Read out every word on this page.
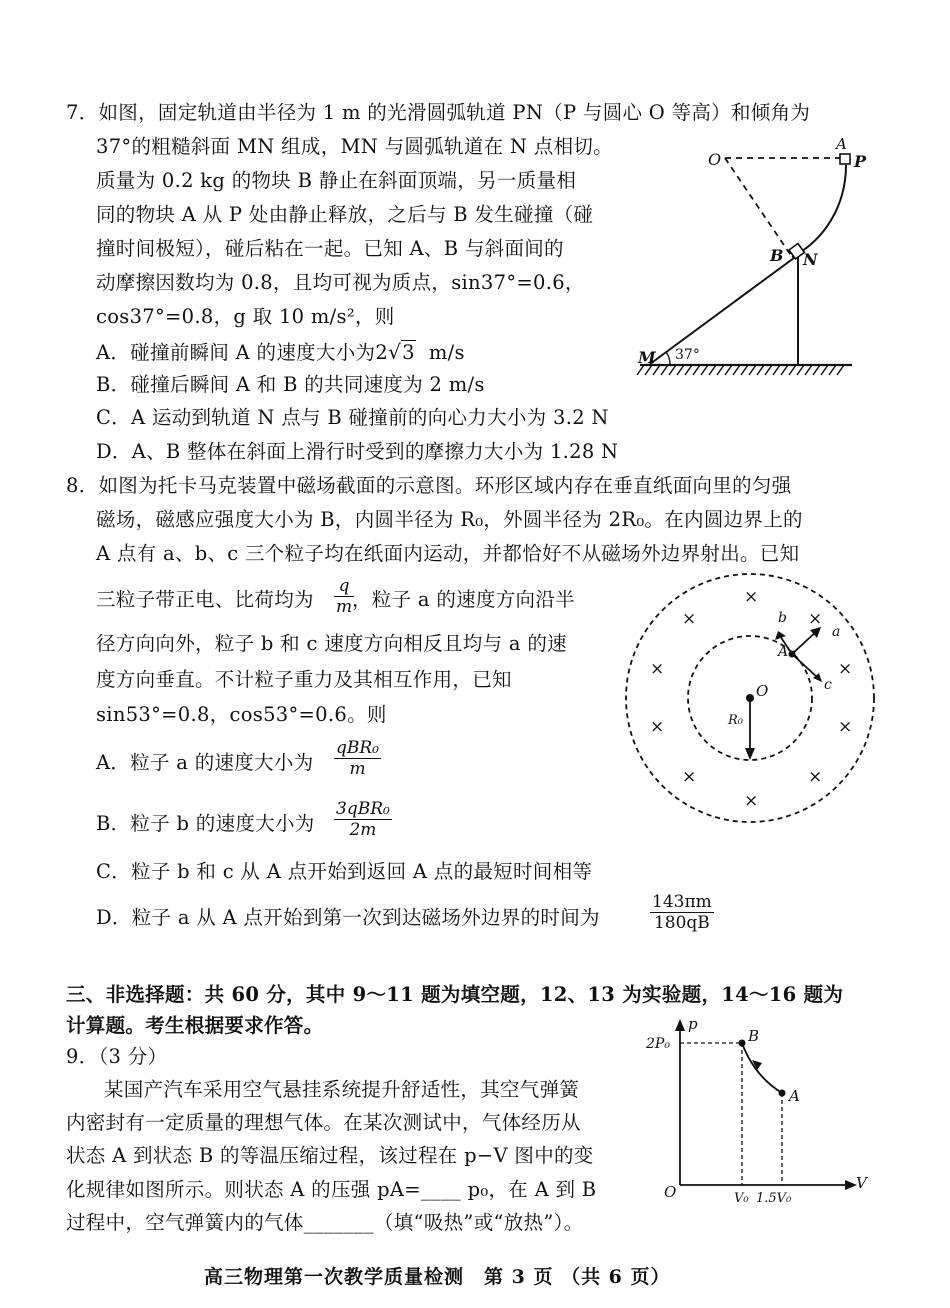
7．如图，固定轨道由半径为 1 m 的光滑圆弧轨道 PN（P 与圆心 O 等高）和倾角为
37°的粗糙斜面 MN 组成，MN 与圆弧轨道在 N 点相切。
质量为 0.2 kg 的物块 B 静止在斜面顶端，另一质量相
同的物块 A 从 P 处由静止释放，之后与 B 发生碰撞（碰
撞时间极短），碰后粘在一起。已知 A、B 与斜面间的
动摩擦因数均为 0.8，且均可视为质点，sin37°=0.6，
cos37°=0.8，g 取 10 m/s²，则
A．碰撞前瞬间 A 的速度大小为2√3 m/s
B．碰撞后瞬间 A 和 B 的共同速度为 2 m/s
C．A 运动到轨道 N 点与 B 碰撞前的向心力大小为 3.2 N
D．A、B 整体在斜面上滑行时受到的摩擦力大小为 1.28 N
O
A
P
B N
M 37°
8．如图为托卡马克装置中磁场截面的示意图。环形区域内存在垂直纸面向里的匀强
磁场，磁感应强度大小为 B，内圆半径为 R₀，外圆半径为 2R₀。在内圆边界上的
A 点有 a、b、c 三个粒子均在纸面内运动，并都恰好不从磁场外边界射出。已知
三粒子带正电、比荷均为 $\frac{q}{m}$
，粒子 a 的速度方向沿半
径方向向外，粒子 b 和 c 速度方向相反且均与 a 的速
度方向垂直。不计粒子重力及其相互作用，已知
sin53°=0.8，cos53°=0.6。则
A．粒子 a 的速度大小为
qBR₀
m
B．粒子 b 的速度大小为
3qBR₀
2m
C．粒子 b 和 c 从 A 点开始到返回 A 点的最短时间相等
D．粒子 a 从 A 点开始到第一次到达磁场外边界的时间为	$\frac{143\pi m}{180qB}$
×
×	×
×	×
×	×
×	×
×
O
A
a
b
c
R₀
三、非选择题：共 60 分，其中 9～11 题为填空题，12、13 为实验题，14～16 题为
计算题。考生根据要求作答。
9．（3 分）
某国产汽车采用空气悬挂系统提升舒适性，其空气弹簧
内密封有一定质量的理想气体。在某次测试中，气体经历从
状态 A 到状态 B 的等温压缩过程，该过程在 p−V 图中的变
化规律如图所示。则状态 A 的压强 pA=____ p₀，在 A 到 B
过程中，空气弹簧内的气体_______（填“吸热”或“放热”）。
p
V
O
2P₀
V₀ 1.5V₀
B
A
高三物理第一次教学质量检测　第 3 页 （共 6 页）
